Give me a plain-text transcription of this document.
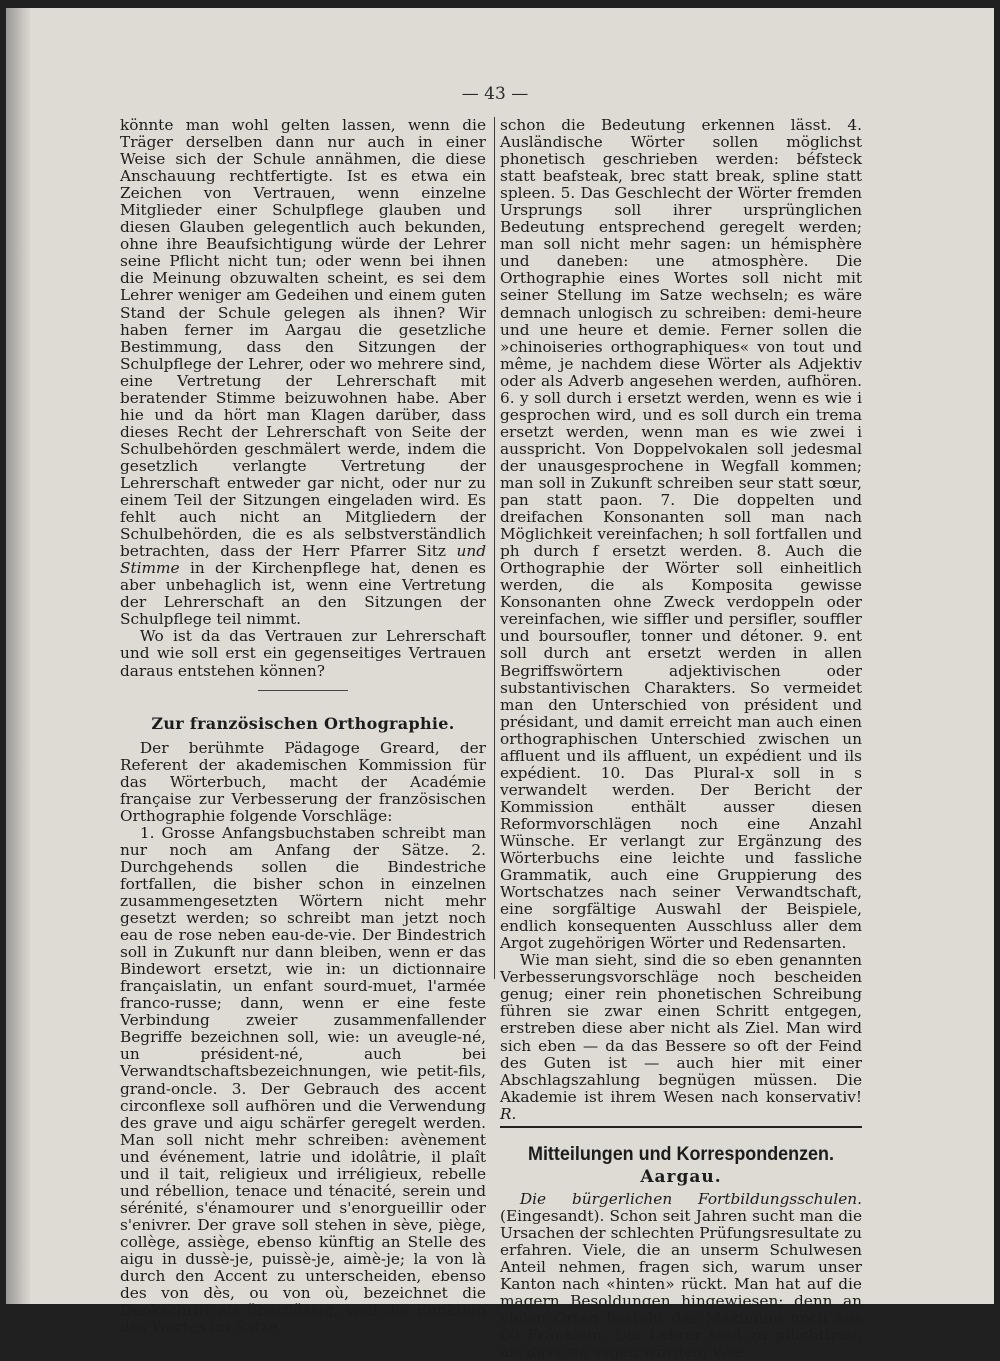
— 43 —

könnte man wohl gelten lassen, wenn die Träger derselben dann nur auch in einer Weise sich der Schule annähmen, die diese Anschauung rechtfertigte. Ist es etwa ein Zeichen von Vertrauen, wenn einzelne Mitglieder einer Schulpflege glauben und diesen Glauben gelegentlich auch bekunden, ohne ihre Beaufsichtigung würde der Lehrer seine Pflicht nicht tun; oder wenn bei ihnen die Meinung obzuwalten scheint, es sei dem Lehrer weniger am Gedeihen und einem guten Stand der Schule gelegen als ihnen? Wir haben ferner im Aargau die gesetzliche Bestimmung, dass den Sitzungen der Schulpflege der Lehrer, oder wo mehrere sind, eine Vertretung der Lehrerschaft mit beratender Stimme beizuwohnen habe. Aber hie und da hört man Klagen darüber, dass dieses Recht der Lehrerschaft von Seite der Schulbehörden geschmälert werde, indem die gesetzlich verlangte Vertretung der Lehrerschaft entweder gar nicht, oder nur zu einem Teil der Sitzungen eingeladen wird. Es fehlt auch nicht an Mitgliedern der Schulbehörden, die es als selbstverständlich betrachten, dass der Herr Pfarrer Sitz und Stimme in der Kirchenpflege hat, denen es aber unbehaglich ist, wenn eine Vertretung der Lehrerschaft an den Sitzungen der Schulpflege teil nimmt.

Wo ist da das Vertrauen zur Lehrerschaft und wie soll erst ein gegenseitiges Vertrauen daraus entstehen können?

Zur französischen Orthographie.

Der berühmte Pädagoge Greard, der Referent der akademischen Kommission für das Wörterbuch, macht der Académie française zur Verbesserung der französischen Orthographie folgende Vorschläge:

1. Grosse Anfangsbuchstaben schreibt man nur noch am Anfang der Sätze. 2. Durchgehends sollen die Bindestriche fortfallen, die bisher schon in einzelnen zusammengesetzten Wörtern nicht mehr gesetzt werden; so schreibt man jetzt noch eau de rose neben eau-de-vie. Der Bindestrich soll in Zukunft nur dann bleiben, wenn er das Bindewort ersetzt, wie in: un dictionnaire françaislatin, un enfant sourd-muet, l'armée franco-russe; dann, wenn er eine feste Verbindung zweier zusammenfallender Begriffe bezeichnen soll, wie: un aveugle-né, un président-né, auch bei Verwandtschaftsbezeichnungen, wie petit-fils, grand-oncle. 3. Der Gebrauch des accent circonflexe soll aufhören und die Verwendung des grave und aigu schärfer geregelt werden. Man soll nicht mehr schreiben: avènement und événement, latrie und idolâtrie, il plaît und il tait, religieux und irréligieux, rebelle und rébellion, tenace und ténacité, serein und sérénité, s'énamourer und s'enorgueillir oder s'enivrer. Der grave soll stehen in sève, piège, collège, assiège, ebenso künftig an Stelle des aigu in dussè-je, puissè-je, aimè-je; la von là durch den Accent zu unterscheiden, ebenso des von dès, ou von où, bezeichnet die Denkschrift als überflüssig, weil die Funktion des Wortes im Satze

schon die Bedeutung erkennen lässt. 4. Ausländische Wörter sollen möglichst phonetisch geschrieben werden: béfsteck statt beafsteak, brec statt break, spline statt spleen. 5. Das Geschlecht der Wörter fremden Ursprungs soll ihrer ursprünglichen Bedeutung entsprechend geregelt werden; man soll nicht mehr sagen: un hémisphère und daneben: une atmosphère. Die Orthographie eines Wortes soll nicht mit seiner Stellung im Satze wechseln; es wäre demnach unlogisch zu schreiben: demi-heure und une heure et demie. Ferner sollen die »chinoiseries orthographiques« von tout und même, je nachdem diese Wörter als Adjektiv oder als Adverb angesehen werden, aufhören. 6. y soll durch i ersetzt werden, wenn es wie i gesprochen wird, und es soll durch ein trema ersetzt werden, wenn man es wie zwei i ausspricht. Von Doppelvokalen soll jedesmal der unausgesprochene in Wegfall kommen; man soll in Zukunft schreiben seur statt sœur, pan statt paon. 7. Die doppelten und dreifachen Konsonanten soll man nach Möglichkeit vereinfachen; h soll fortfallen und ph durch f ersetzt werden. 8. Auch die Orthographie der Wörter soll einheitlich werden, die als Komposita gewisse Konsonanten ohne Zweck verdoppeln oder vereinfachen, wie siffler und persifler, souffler und boursoufler, tonner und détoner. 9. ent soll durch ant ersetzt werden in allen Begriffswörtern adjektivischen oder substantivischen Charakters. So vermeidet man den Unterschied von président und présidant, und damit erreicht man auch einen orthographischen Unterschied zwischen un affluent und ils affluent, un expédient und ils expédient. 10. Das Plural-x soll in s verwandelt werden. Der Bericht der Kommission enthält ausser diesen Reformvorschlägen noch eine Anzahl Wünsche. Er verlangt zur Ergänzung des Wörterbuchs eine leichte und fassliche Grammatik, auch eine Gruppierung des Wortschatzes nach seiner Verwandtschaft, eine sorgfältige Auswahl der Beispiele, endlich konsequenten Ausschluss aller dem Argot zugehörigen Wörter und Redensarten.

Wie man sieht, sind die so eben genannten Verbesserungsvorschläge noch bescheiden genug; einer rein phonetischen Schreibung führen sie zwar einen Schritt entgegen, erstreben diese aber nicht als Ziel. Man wird sich eben — da das Bessere so oft der Feind des Guten ist — auch hier mit einer Abschlagszahlung begnügen müssen. Die Akademie ist ihrem Wesen nach konservativ! R.

Mitteilungen und Korrespondenzen.
Aargau.

Die bürgerlichen Fortbildungsschulen. (Eingesandt). Schon seit Jahren sucht man die Ursachen der schlechten Prüfungsresultate zu erfahren. Viele, die an unserm Schulwesen Anteil nehmen, fragen sich, warum unser Kanton nach «hinten» rückt. Man hat auf die magern Besoldungen hingewiesen; denn an vielen Orten besteht das Maximum noch aus 60 Fränklein. Die Lehrer sind zu pflichttreu, als dass sie sagen würden: Wie
